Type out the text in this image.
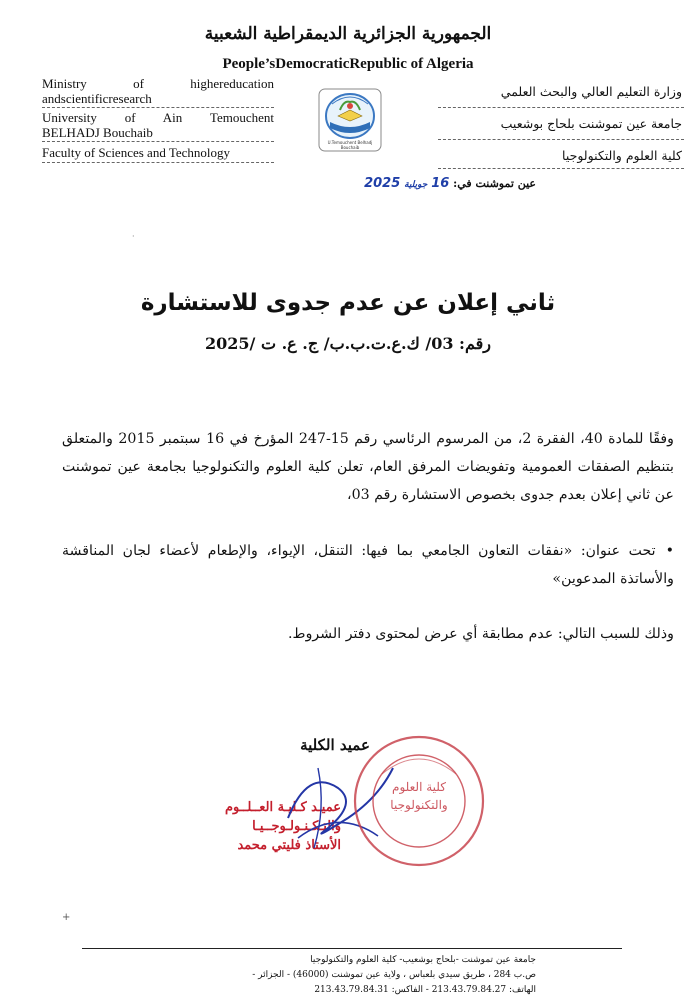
الجمهورية الجزائرية الديمقراطية الشعبية
People’sDemocraticRepublic of Algeria
Ministry of highereducation
andscientificresearch
University of Ain Temouchent
BELHADJ Bouchaib
Faculty of Sciences and Technology
U.Temouchent Belhadj Bouchaib
وزارة التعليم العالي والبحث العلمي
جامعة عين تموشنت بلحاج بوشعيب
كلية العلوم والتكنولوجيا
عين تموشنت في: 16 جويلية 2025
·
ثاني إعلان عن عدم جدوى للاستشارة
رقم: 03/ ك.ع.ت.ب.ب/ ج. ع. ت /2025
وفقًا للمادة 40، الفقرة 2، من المرسوم الرئاسي رقم 15-247 المؤرخ في 16 سبتمبر 2015 والمتعلق بتنظيم الصفقات العمومية وتفويضات المرفق العام، تعلن كلية العلوم والتكنولوجيا بجامعة عين تموشنت عن ثاني إعلان بعدم جدوى بخصوص الاستشارة رقم 03،
•تحت عنوان: «نفقات التعاون الجامعي بما فيها: التنقل، الإيواء، والإطعام لأعضاء لجان المناقشة والأساتذة المدعوين»
وذلك للسبب التالي: عدم مطابقة أي عرض لمحتوى دفتر الشروط.
عميد الكلية
عميـد كـليـة العــلــوم
والتـكـنـولـوجــيـا
الأستاذ فليتي محمد
كلية العلوم والتكنولوجيا
+
جامعة عين تموشنت -بلحاج بوشعيب- كلية العلوم والتكنولوجيا
ص.ب 284 ، طريق سيدي بلعباس ، ولاية عين تموشنت (46000) - الجزائر -
الهاتف: 213.43.79.84.27 - الفاكس: 213.43.79.84.31
